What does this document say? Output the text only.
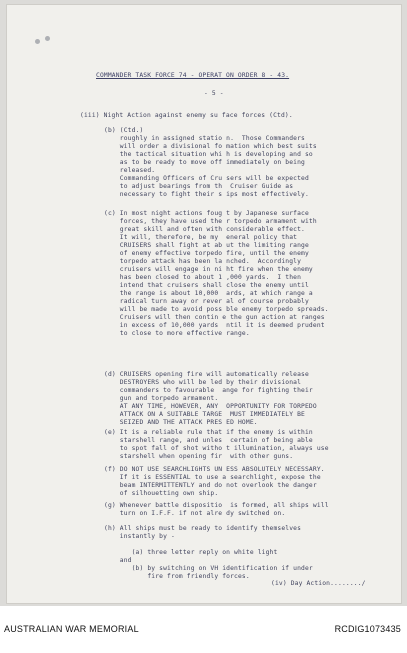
COMMANDER TASK FORCE 74 - OPERAT ON ORDER 8 - 43.
- 5 -
(iii) Night Action against enemy su face forces (Ctd).
(b) (Ctd.)
roughly in assigned statio n.  Those Commanders
will order a divisional fo mation which best suits
the tactical situation whi h is developing and so
as to be ready to move off immediately on being
released.
Commanding Officers of Cru sers will be expected
to adjust bearings from th  Cruiser Guide as
necessary to fight their s ips most effectively.
(c) In most night actions foug t by Japanese surface
forces, they have used the r torpedo armament with
great skill and often with considerable effect.
It will, therefore, be my  eneral policy that
CRUISERS shall fight at ab ut the limiting range
of enemy effective torpedo fire, until the enemy
torpedo attack has been la nched.  Accordingly
cruisers will engage in ni ht fire when the enemy
has been closed to about 1 ,000 yards.  I then
intend that cruisers shall close the enemy until
the range is about 10,000  ards, at which range a
radical turn away or rever al of course probably
will be made to avoid poss ble enemy torpedo spreads.
Cruisers will then contin e the gun action at ranges
in excess of 10,000 yards  ntil it is deemed prudent
to close to more effective range.
(d) CRUISERS opening fire will automatically release
DESTROYERS who will be led by their divisional
commanders to favourable  ange for fighting their
gun and torpedo armament.
AT ANY TIME, HOWEVER, ANY  OPPORTUNITY FOR TORPEDO
ATTACK ON A SUITABLE TARGE  MUST IMMEDIATELY BE
SEIZED AND THE ATTACK PRES ED HOME.
(e) It is a reliable rule that if the enemy is within
starshell range, and unles  certain of being able
to spot fall of shot witho t illumination, always use
starshell when opening fir  with other guns.
(f) DO NOT USE SEARCHLIGHTS UN ESS ABSOLUTELY NECESSARY.
If it is ESSENTIAL to use a searchlight, expose the
beam INTERMITTENTLY and do not overlook the danger
of silhouetting own ship.
(g) Whenever battle dispositio  is formed, all ships will
turn on I.F.F. if not alre dy switched on.
(h) All ships must be ready to identify themselves
instantly by -
(a) three letter reply on white light
and
(b) by switching on VH identification if under
fire from friendly forces.
(iv) Day Action......../
AUSTRALIAN WAR MEMORIAL	RCDIG1073435
